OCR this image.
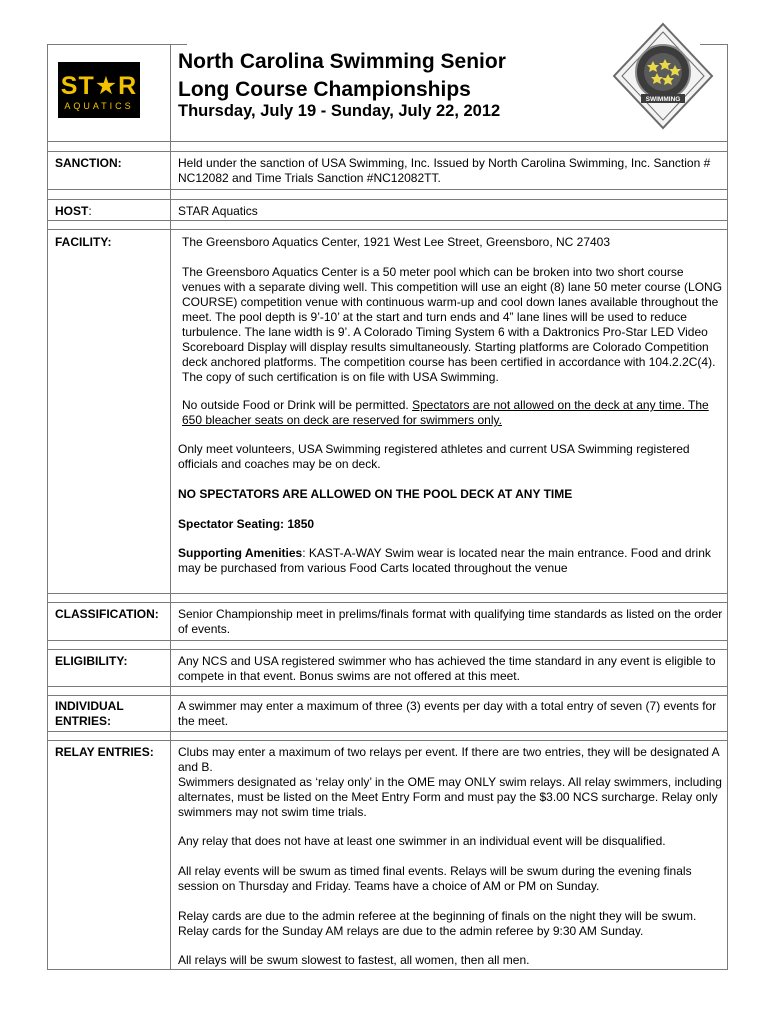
ST★R
AQUATICS
North Carolina Swimming Senior
Long Course Championships
Thursday, July 19 - Sunday, July 22, 2012
SWIMMING
SANCTION:	Held under the sanction of USA Swimming, Inc. Issued by North Carolina Swimming, Inc. Sanction # NC12082 and Time Trials Sanction #NC12082TT.
HOST:	STAR Aquatics
FACILITY:	The Greensboro Aquatics Center, 1921 West Lee Street, Greensboro, NC 27403
The Greensboro Aquatics Center is a 50 meter pool which can be broken into two short course venues with a separate diving well. This competition will use an eight (8) lane 50 meter course (LONG COURSE) competition venue with continuous warm-up and cool down lanes available throughout the meet. The pool depth is 9’-10’ at the start and turn ends and 4” lane lines will be used to reduce turbulence. The lane width is 9’. A Colorado Timing System 6 with a Daktronics Pro-Star LED Video Scoreboard Display will display results simultaneously. Starting platforms are Colorado Competition deck anchored platforms. The competition course has been certified in accordance with 104.2.2C(4). The copy of such certification is on file with USA Swimming.
No outside Food or Drink will be permitted. Spectators are not allowed on the deck at any time. The 650 bleacher seats on deck are reserved for swimmers only.
Only meet volunteers, USA Swimming registered athletes and current USA Swimming registered officials and coaches may be on deck.
NO SPECTATORS ARE ALLOWED ON THE POOL DECK AT ANY TIME
Spectator Seating: 1850
Supporting Amenities: KAST-A-WAY Swim wear is located near the main entrance. Food and drink may be purchased from various Food Carts located throughout the venue
CLASSIFICATION: Senior Championship meet in prelims/finals format with qualifying time standards as listed on the order of events.
ELIGIBILITY:	Any NCS and USA registered swimmer who has achieved the time standard in any event is eligible to compete in that event. Bonus swims are not offered at this meet.
INDIVIDUAL
ENTRIES:
A swimmer may enter a maximum of three (3) events per day with a total entry of seven (7) events for the meet.
RELAY ENTRIES: Clubs may enter a maximum of two relays per event. If there are two entries, they will be designated A and B.
Swimmers designated as ‘relay only’ in the OME may ONLY swim relays. All relay swimmers, including alternates, must be listed on the Meet Entry Form and must pay the $3.00 NCS surcharge. Relay only swimmers may not swim time trials.
Any relay that does not have at least one swimmer in an individual event will be disqualified.
All relay events will be swum as timed final events. Relays will be swum during the evening finals session on Thursday and Friday. Teams have a choice of AM or PM on Sunday.
Relay cards are due to the admin referee at the beginning of finals on the night they will be swum. Relay cards for the Sunday AM relays are due to the admin referee by 9:30 AM Sunday.
All relays will be swum slowest to fastest, all women, then all men.
